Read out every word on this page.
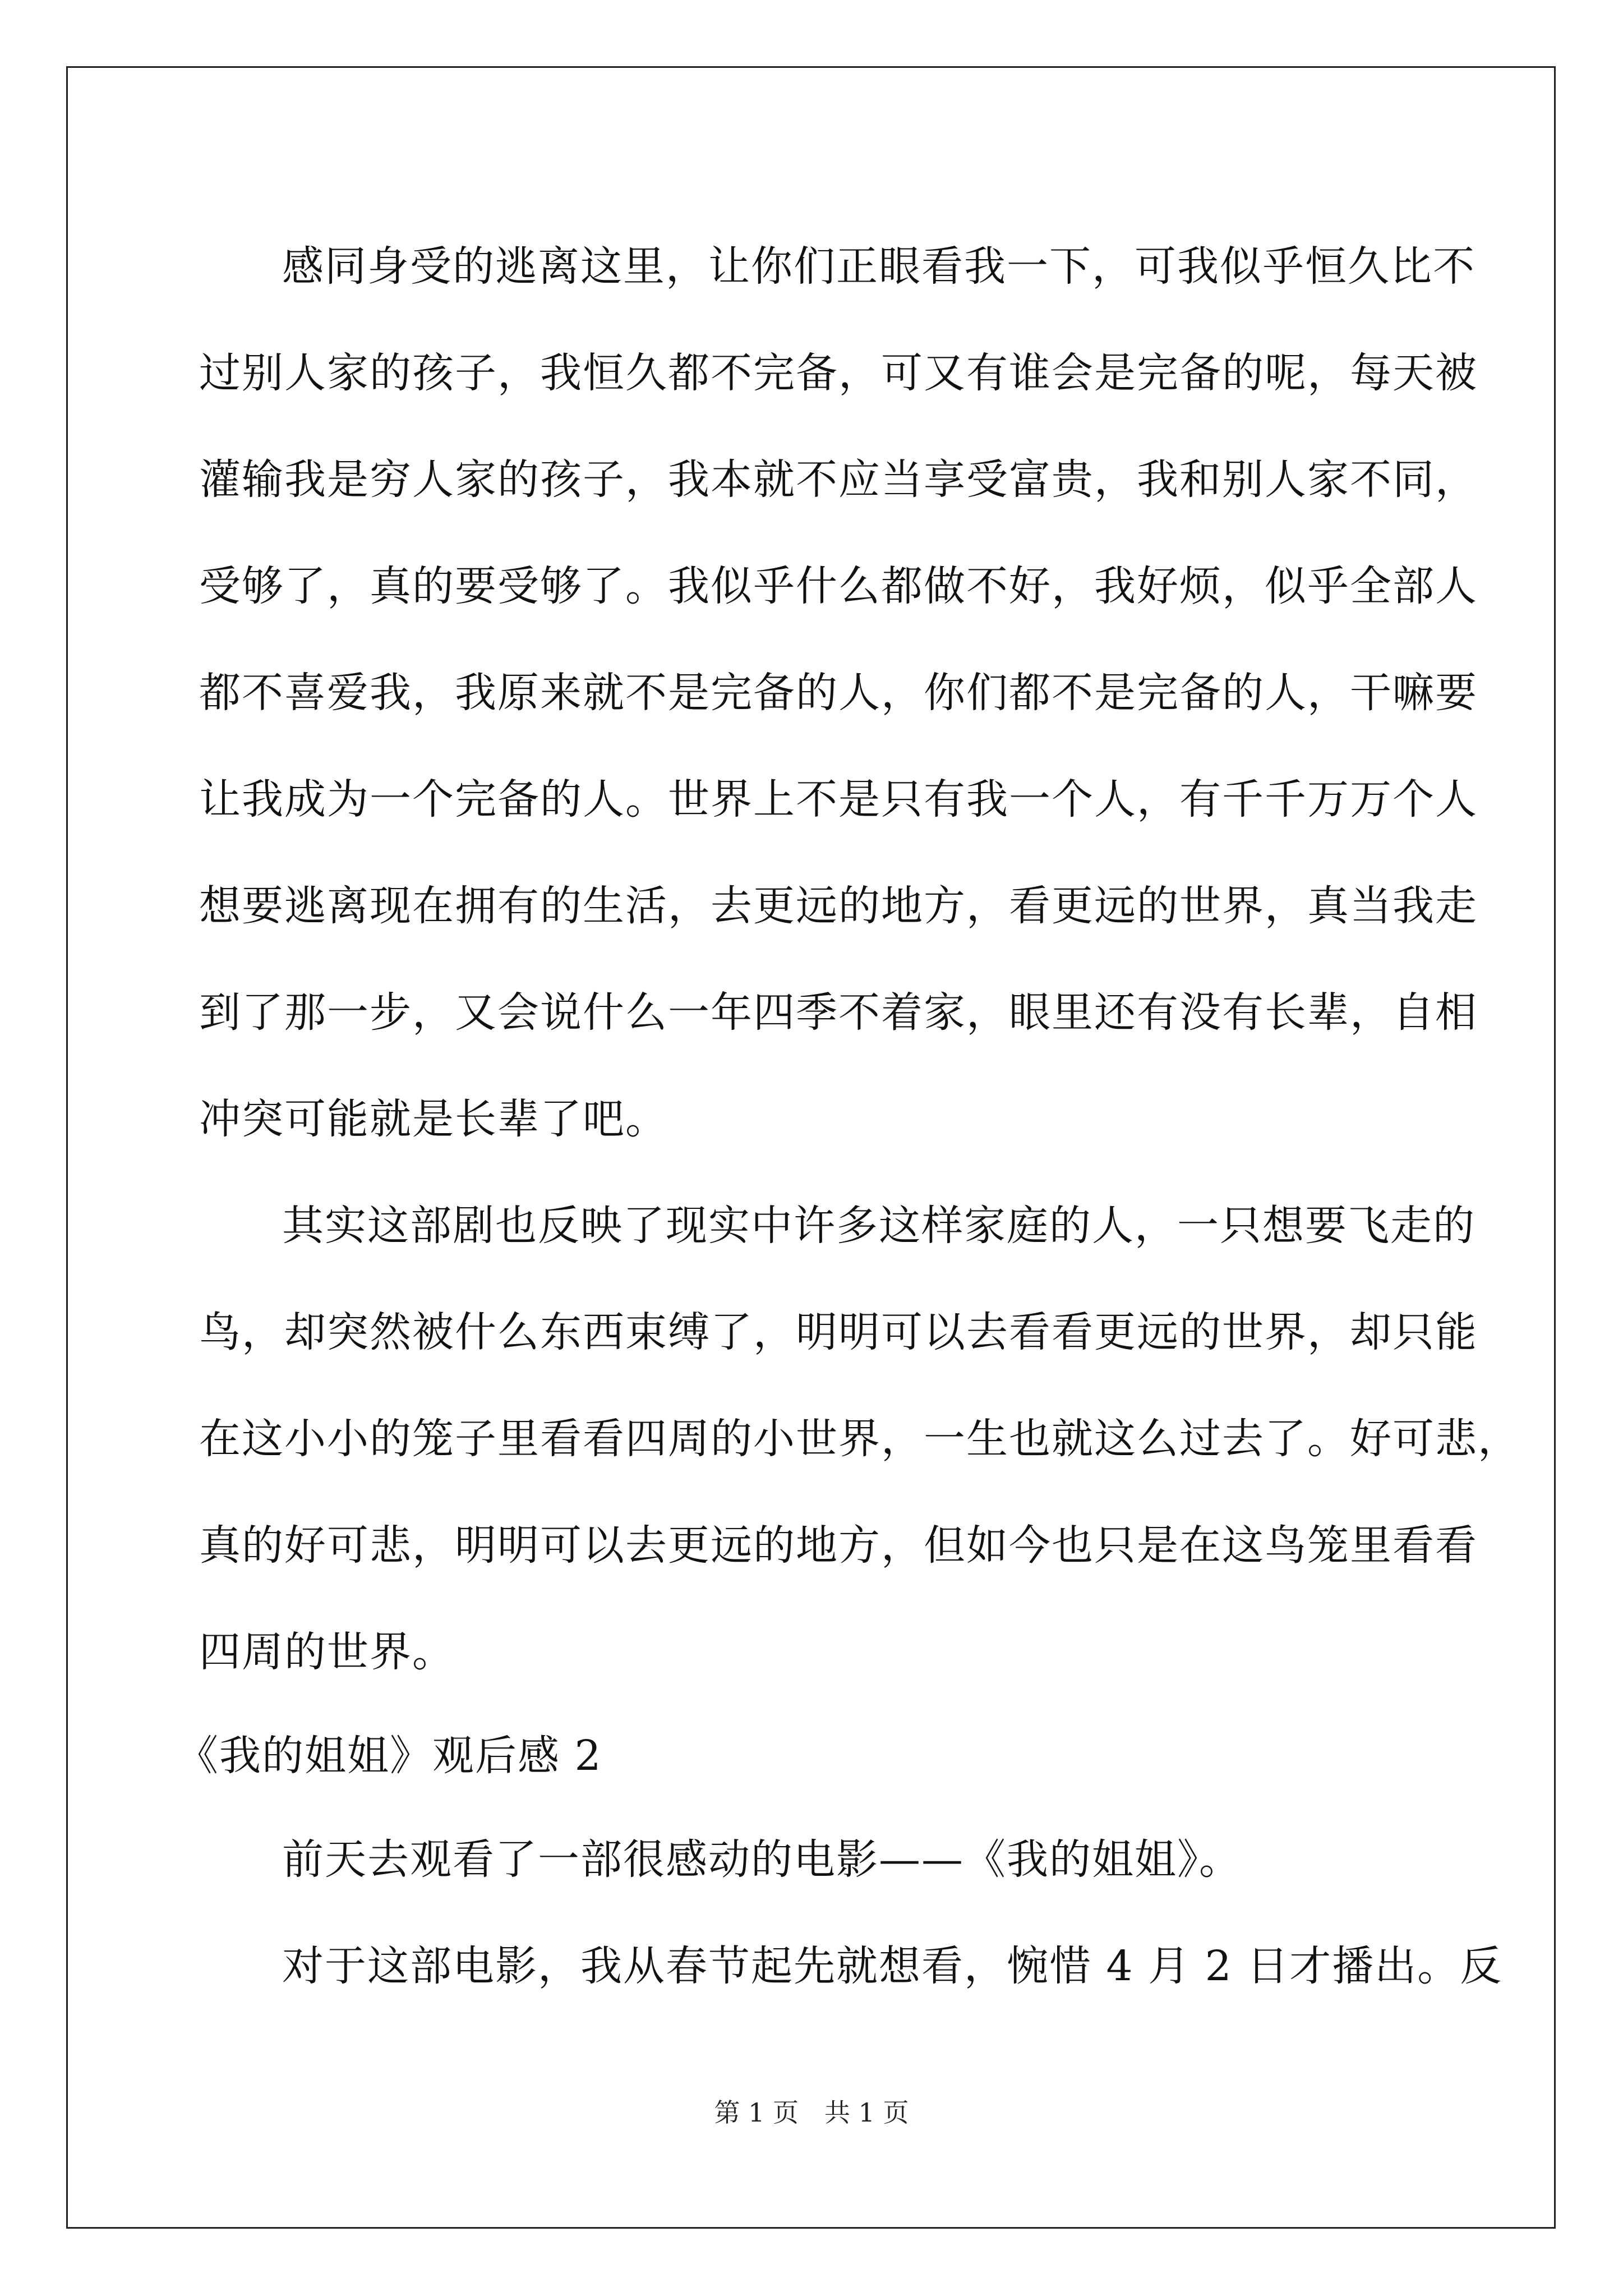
感同身受的逃离这里，让你们正眼看我一下，可我似乎恒久比不
过别人家的孩子，我恒久都不完备，可又有谁会是完备的呢，每天被
灌输我是穷人家的孩子，我本就不应当享受富贵，我和别人家不同，
受够了，真的要受够了。我似乎什么都做不好，我好烦，似乎全部人
都不喜爱我，我原来就不是完备的人，你们都不是完备的人，干嘛要
让我成为一个完备的人。世界上不是只有我一个人，有千千万万个人
想要逃离现在拥有的生活，去更远的地方，看更远的世界，真当我走
到了那一步，又会说什么一年四季不着家，眼里还有没有长辈，自相
冲突可能就是长辈了吧。
其实这部剧也反映了现实中许多这样家庭的人，一只想要飞走的
鸟，却突然被什么东西束缚了，明明可以去看看更远的世界，却只能
在这小小的笼子里看看四周的小世界，一生也就这么过去了。好可悲，
真的好可悲，明明可以去更远的地方，但如今也只是在这鸟笼里看看
四周的世界。
《我的姐姐》观后感 2
前天去观看了一部很感动的电影——《我的姐姐》。
对于这部电影，我从春节起先就想看，惋惜 4 月 2 日才播出。反
第 1 页　共 1 页
